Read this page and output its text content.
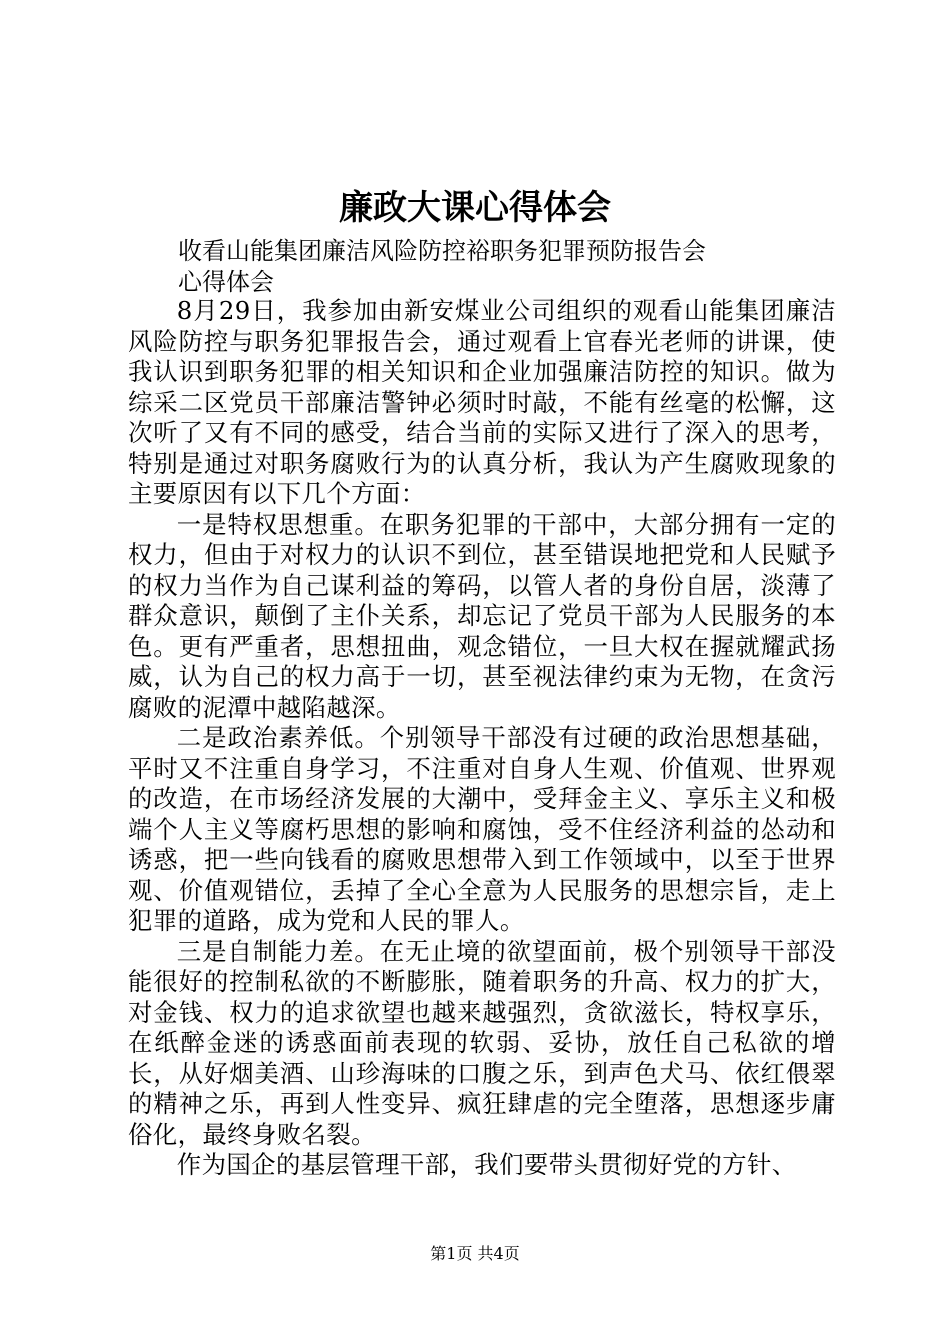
廉政大课心得体会
收看山能集团廉洁风险防控裕职务犯罪预防报告会
心得体会

8月29日，我参加由新安煤业公司组织的观看山能集团廉洁风险防控与职务犯罪报告会，通过观看上官春光老师的讲课，使我认识到职务犯罪的相关知识和企业加强廉洁防控的知识。做为综采二区党员干部廉洁警钟必须时时敲，不能有丝毫的松懈，这次听了又有不同的感受，结合当前的实际又进行了深入的思考，特别是通过对职务腐败行为的认真分析，我认为产生腐败现象的主要原因有以下几个方面：

一是特权思想重。在职务犯罪的干部中，大部分拥有一定的权力，但由于对权力的认识不到位，甚至错误地把党和人民赋予的权力当作为自己谋利益的筹码，以管人者的身份自居，淡薄了群众意识，颠倒了主仆关系，却忘记了党员干部为人民服务的本色。更有严重者，思想扭曲，观念错位，一旦大权在握就耀武扬威，认为自己的权力高于一切，甚至视法律约束为无物，在贪污腐败的泥潭中越陷越深。

二是政治素养低。个别领导干部没有过硬的政治思想基础，平时又不注重自身学习，不注重对自身人生观、价值观、世界观的改造，在市场经济发展的大潮中，受拜金主义、享乐主义和极端个人主义等腐朽思想的影响和腐蚀，受不住经济利益的怂动和诱惑，把一些向钱看的腐败思想带入到工作领域中，以至于世界观、价值观错位，丢掉了全心全意为人民服务的思想宗旨，走上犯罪的道路，成为党和人民的罪人。

三是自制能力差。在无止境的欲望面前，极个别领导干部没能很好的控制私欲的不断膨胀，随着职务的升高、权力的扩大，对金钱、权力的追求欲望也越来越强烈，贪欲滋长，特权享乐，在纸醉金迷的诱惑面前表现的软弱、妥协，放任自己私欲的增长，从好烟美酒、山珍海味的口腹之乐，到声色犬马、依红偎翠的精神之乐，再到人性变异、疯狂肆虐的完全堕落，思想逐步庸俗化，最终身败名裂。

作为国企的基层管理干部，我们要带头贯彻好党的方针、

第1页 共4页
